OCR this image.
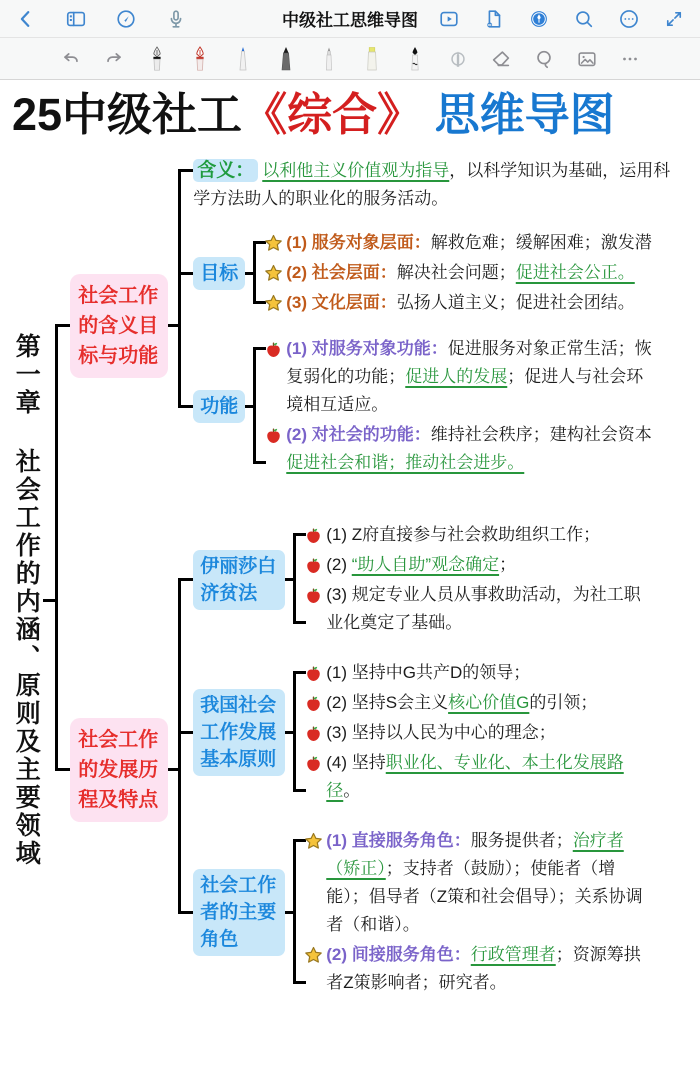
中级社工思维导图
25中级社工《综合》 思维导图
第一章 社会工作的内涵、原则及主要领域
社会工作的含义目标与功能
含义： 以利他主义价值观为指导，以科学知识为基础，运用科学方法助人的职业化的服务活动。
目标
(1) 服务对象层面：解救危难；缓解困难；激发潜
(2) 社会层面：解决社会问题；促进社会公正。
(3) 文化层面：弘扬人道主义；促进社会团结。
功能
(1) 对服务对象功能：促进服务对象正常生活；恢复弱化的功能；促进人的发展；促进人与社会环境相互适应。
(2) 对社会的功能：维持社会秩序；建构社会资本
促进社会和谐；推动社会进步。
社会工作的发展历程及特点
伊丽莎白济贫法
(1) Z府直接参与社会救助组织工作；
(2) “助人自助”观念确定；
(3) 规定专业人员从事救助活动，为社工职业化奠定了基础。
我国社会工作发展基本原则
(1) 坚持中G共产D的领导；
(2) 坚持S会主义核心价值G的引领；
(3) 坚持以人民为中心的理念；
(4) 坚持职业化、专业化、本土化发展路径。
社会工作者的主要角色
(1) 直接服务角色：服务提供者；治疗者（矫正）；支持者（鼓励）；使能者（增能）；倡导者（Z策和社会倡导）；关系协调者（和谐）。
(2) 间接服务角色：行政管理者；资源筹拱者Z策影响者；研究者。
